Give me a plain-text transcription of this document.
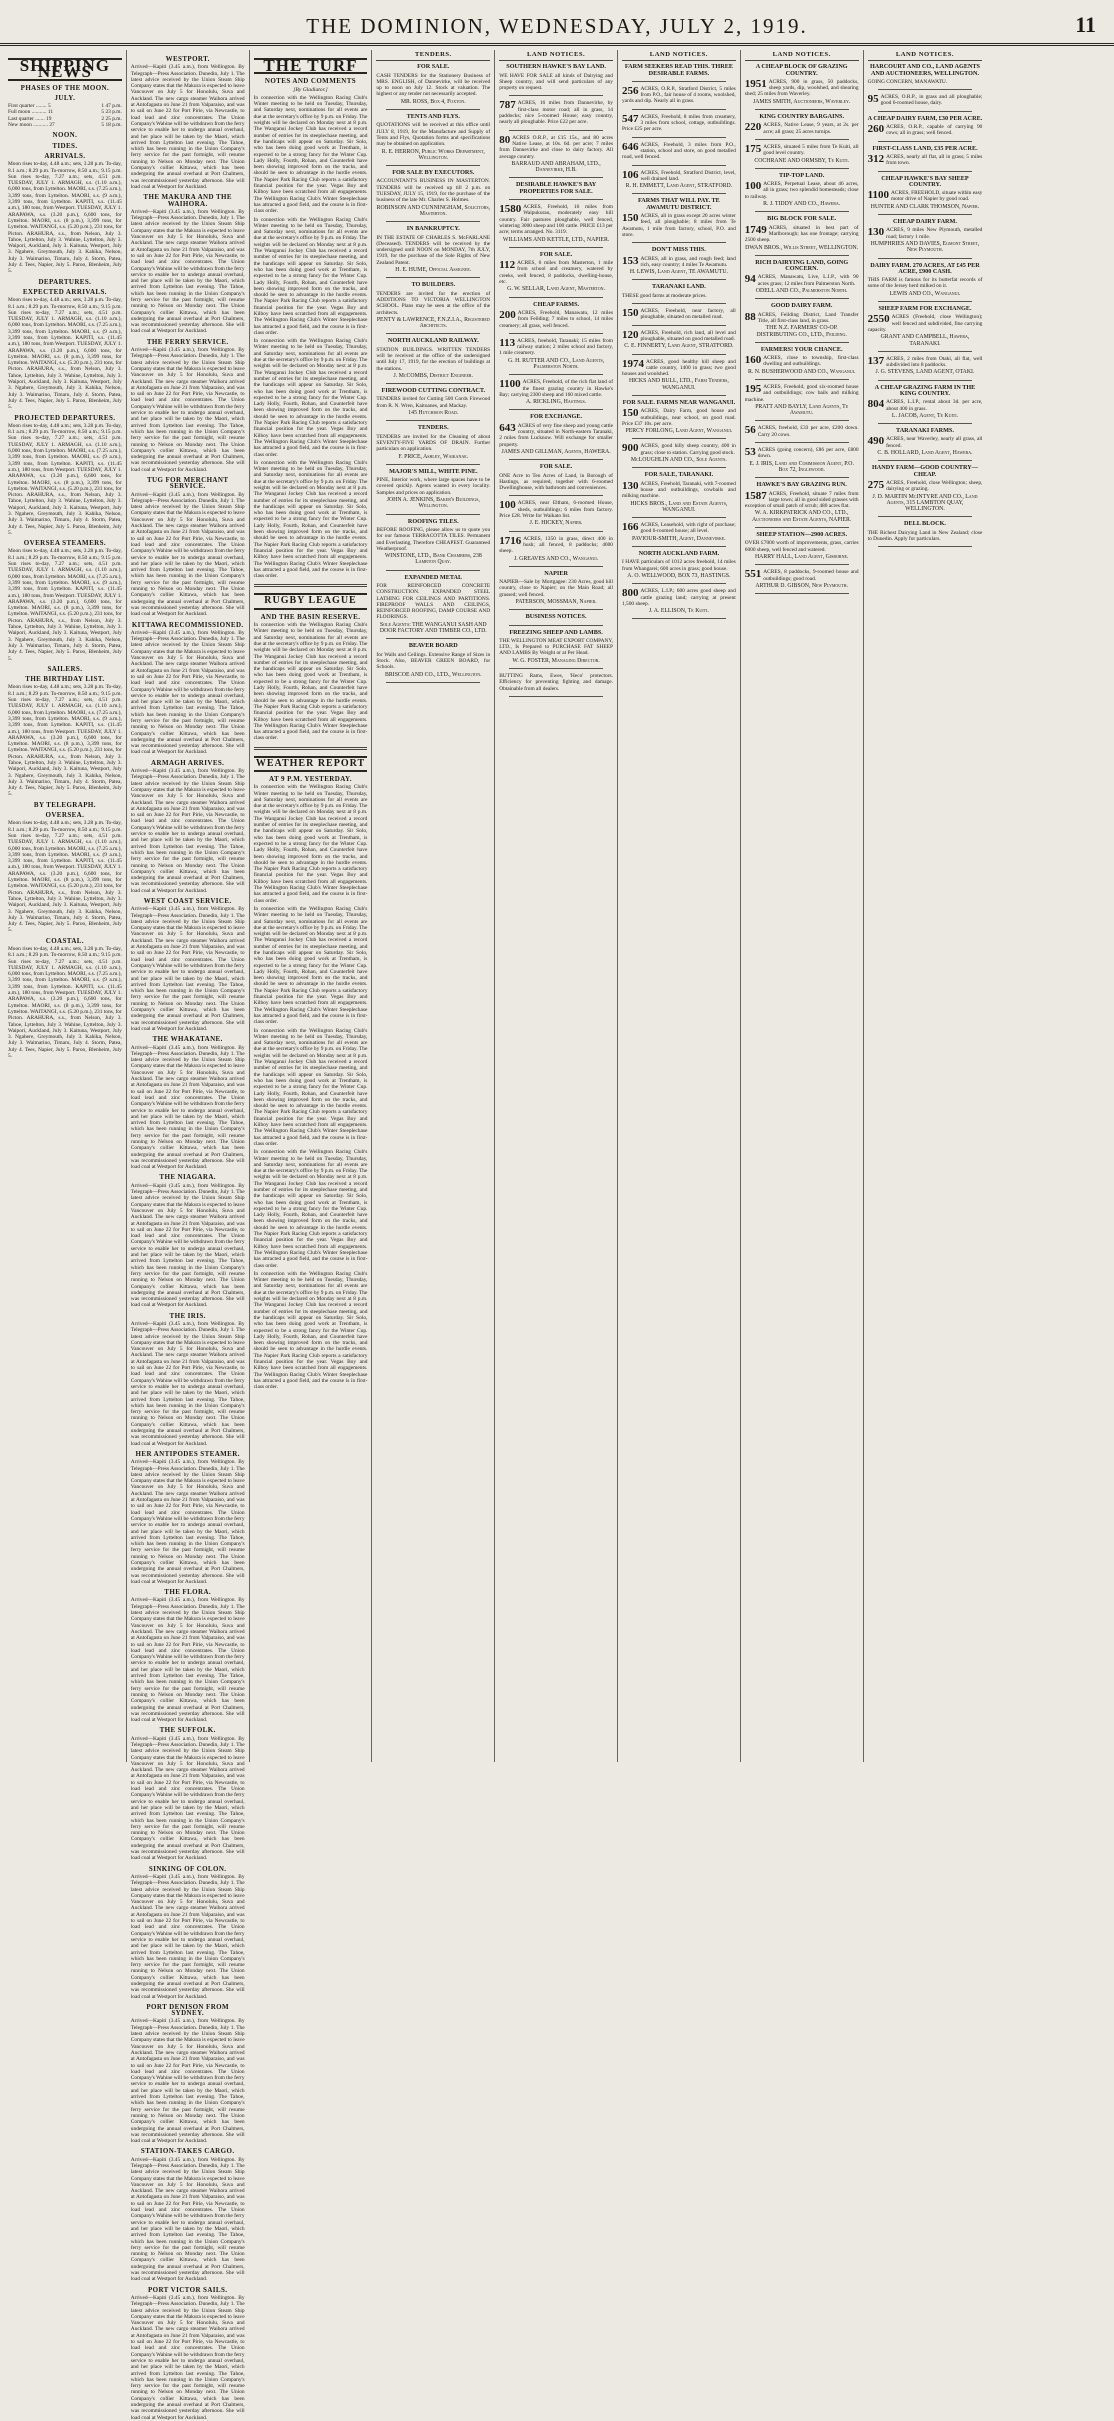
THE DOMINION, WEDNESDAY, JULY 2, 1919.	11
SHIPPING NEWS
PHASES OF THE MOON.
JULY.
First quarter ........ 5	1 47 p.m.
Full moon ........... 11	5 23 p.m.
Last quarter ....... 19	2 25 p.m.
New moon ........... 27	5 18 p.m.
NOON.
TIDES.
ARRIVALS.

Moon rises to-day, 4.48 a.m.; sets, 3.28 p.m. To-day, 8.1 a.m.; 8.29 p.m. To-morrow, 8.50 a.m.; 9.15 p.m. Sun rises to-day, 7.27 a.m.; sets, 4.51 p.m. TUESDAY, JULY 1. ARMAGH, s.s. (1.10 a.m.), 6,000 tons, from Lyttelton. MAORI, s.s. (7.25 a.m.), 3,399 tons, from Lyttelton. MAORI, s.s. (9 a.m.), 3,399 tons, from Lyttelton. KAPITI, s.s. (11.45 a.m.), 180 tons, from Westport. TUESDAY, JULY 1. ARAPAWA, s.s. (3.20 p.m.), 6,600 tons, for Lyttelton. MAORI, s.s. (8 p.m.), 3,399 tons, for Lyttelton. WAITANGI, s.s. (5.20 p.m.), 231 tons, for Picton. ARAHURA, s.s., from Nelson, July 3. Tahoe, Lyttelton, July 3. Wahine, Lyttelton, July 3. Waipori, Auckland, July 3. Kaituna, Westport, July 3. Ngahere, Greymouth, July 3. Kahika, Nelson, July 3. Waimarino, Timaru, July 4. Storm, Patea, July 4. Tees, Napier, July 5. Paroo, Blenheim, July 5.

DEPARTURES.
EXPECTED ARRIVALS.

Moon rises to-day, 4.48 a.m.; sets, 3.28 p.m. To-day, 8.1 a.m.; 8.29 p.m. To-morrow, 8.50 a.m.; 9.15 p.m. Sun rises to-day, 7.27 a.m.; sets, 4.51 p.m. TUESDAY, JULY 1. ARMAGH, s.s. (1.10 a.m.), 6,000 tons, from Lyttelton. MAORI, s.s. (7.25 a.m.), 3,399 tons, from Lyttelton. MAORI, s.s. (9 a.m.), 3,399 tons, from Lyttelton. KAPITI, s.s. (11.45 a.m.), 180 tons, from Westport. TUESDAY, JULY 1. ARAPAWA, s.s. (3.20 p.m.), 6,600 tons, for Lyttelton. MAORI, s.s. (8 p.m.), 3,399 tons, for Lyttelton. WAITANGI, s.s. (5.20 p.m.), 231 tons, for Picton. ARAHURA, s.s., from Nelson, July 3. Tahoe, Lyttelton, July 3. Wahine, Lyttelton, July 3. Waipori, Auckland, July 3. Kaituna, Westport, July 3. Ngahere, Greymouth, July 3. Kahika, Nelson, July 3. Waimarino, Timaru, July 4. Storm, Patea, July 4. Tees, Napier, July 5. Paroo, Blenheim, July 5.

PROJECTED DEPARTURES.

Moon rises to-day, 4.48 a.m.; sets, 3.28 p.m. To-day, 8.1 a.m.; 8.29 p.m. To-morrow, 8.50 a.m.; 9.15 p.m. Sun rises to-day, 7.27 a.m.; sets, 4.51 p.m. TUESDAY, JULY 1. ARMAGH, s.s. (1.10 a.m.), 6,000 tons, from Lyttelton. MAORI, s.s. (7.25 a.m.), 3,399 tons, from Lyttelton. MAORI, s.s. (9 a.m.), 3,399 tons, from Lyttelton. KAPITI, s.s. (11.45 a.m.), 180 tons, from Westport. TUESDAY, JULY 1. ARAPAWA, s.s. (3.20 p.m.), 6,600 tons, for Lyttelton. MAORI, s.s. (8 p.m.), 3,399 tons, for Lyttelton. WAITANGI, s.s. (5.20 p.m.), 231 tons, for Picton. ARAHURA, s.s., from Nelson, July 3. Tahoe, Lyttelton, July 3. Wahine, Lyttelton, July 3. Waipori, Auckland, July 3. Kaituna, Westport, July 3. Ngahere, Greymouth, July 3. Kahika, Nelson, July 3. Waimarino, Timaru, July 4. Storm, Patea, July 4. Tees, Napier, July 5. Paroo, Blenheim, July 5.

OVERSEA STEAMERS.

Moon rises to-day, 4.48 a.m.; sets, 3.28 p.m. To-day, 8.1 a.m.; 8.29 p.m. To-morrow, 8.50 a.m.; 9.15 p.m. Sun rises to-day, 7.27 a.m.; sets, 4.51 p.m. TUESDAY, JULY 1. ARMAGH, s.s. (1.10 a.m.), 6,000 tons, from Lyttelton. MAORI, s.s. (7.25 a.m.), 3,399 tons, from Lyttelton. MAORI, s.s. (9 a.m.), 3,399 tons, from Lyttelton. KAPITI, s.s. (11.45 a.m.), 180 tons, from Westport. TUESDAY, JULY 1. ARAPAWA, s.s. (3.20 p.m.), 6,600 tons, for Lyttelton. MAORI, s.s. (8 p.m.), 3,399 tons, for Lyttelton. WAITANGI, s.s. (5.20 p.m.), 231 tons, for Picton. ARAHURA, s.s., from Nelson, July 3. Tahoe, Lyttelton, July 3. Wahine, Lyttelton, July 3. Waipori, Auckland, July 3. Kaituna, Westport, July 3. Ngahere, Greymouth, July 3. Kahika, Nelson, July 3. Waimarino, Timaru, July 4. Storm, Patea, July 4. Tees, Napier, July 5. Paroo, Blenheim, July 5.

SAILERS.
THE BIRTHDAY LIST.

Moon rises to-day, 4.48 a.m.; sets, 3.28 p.m. To-day, 8.1 a.m.; 8.29 p.m. To-morrow, 8.50 a.m.; 9.15 p.m. Sun rises to-day, 7.27 a.m.; sets, 4.51 p.m. TUESDAY, JULY 1. ARMAGH, s.s. (1.10 a.m.), 6,000 tons, from Lyttelton. MAORI, s.s. (7.25 a.m.), 3,399 tons, from Lyttelton. MAORI, s.s. (9 a.m.), 3,399 tons, from Lyttelton. KAPITI, s.s. (11.45 a.m.), 180 tons, from Westport. TUESDAY, JULY 1. ARAPAWA, s.s. (3.20 p.m.), 6,600 tons, for Lyttelton. MAORI, s.s. (8 p.m.), 3,399 tons, for Lyttelton. WAITANGI, s.s. (5.20 p.m.), 231 tons, for Picton. ARAHURA, s.s., from Nelson, July 3. Tahoe, Lyttelton, July 3. Wahine, Lyttelton, July 3. Waipori, Auckland, July 3. Kaituna, Westport, July 3. Ngahere, Greymouth, July 3. Kahika, Nelson, July 3. Waimarino, Timaru, July 4. Storm, Patea, July 4. Tees, Napier, July 5. Paroo, Blenheim, July 5.

BY TELEGRAPH.
OVERSEA.

Moon rises to-day, 4.48 a.m.; sets, 3.28 p.m. To-day, 8.1 a.m.; 8.29 p.m. To-morrow, 8.50 a.m.; 9.15 p.m. Sun rises to-day, 7.27 a.m.; sets, 4.51 p.m. TUESDAY, JULY 1. ARMAGH, s.s. (1.10 a.m.), 6,000 tons, from Lyttelton. MAORI, s.s. (7.25 a.m.), 3,399 tons, from Lyttelton. MAORI, s.s. (9 a.m.), 3,399 tons, from Lyttelton. KAPITI, s.s. (11.45 a.m.), 180 tons, from Westport. TUESDAY, JULY 1. ARAPAWA, s.s. (3.20 p.m.), 6,600 tons, for Lyttelton. MAORI, s.s. (8 p.m.), 3,399 tons, for Lyttelton. WAITANGI, s.s. (5.20 p.m.), 231 tons, for Picton. ARAHURA, s.s., from Nelson, July 3. Tahoe, Lyttelton, July 3. Wahine, Lyttelton, July 3. Waipori, Auckland, July 3. Kaituna, Westport, July 3. Ngahere, Greymouth, July 3. Kahika, Nelson, July 3. Waimarino, Timaru, July 4. Storm, Patea, July 4. Tees, Napier, July 5. Paroo, Blenheim, July 5.

COASTAL.

Moon rises to-day, 4.48 a.m.; sets, 3.28 p.m. To-day, 8.1 a.m.; 8.29 p.m. To-morrow, 8.50 a.m.; 9.15 p.m. Sun rises to-day, 7.27 a.m.; sets, 4.51 p.m. TUESDAY, JULY 1. ARMAGH, s.s. (1.10 a.m.), 6,000 tons, from Lyttelton. MAORI, s.s. (7.25 a.m.), 3,399 tons, from Lyttelton. MAORI, s.s. (9 a.m.), 3,399 tons, from Lyttelton. KAPITI, s.s. (11.45 a.m.), 180 tons, from Westport. TUESDAY, JULY 1. ARAPAWA, s.s. (3.20 p.m.), 6,600 tons, for Lyttelton. MAORI, s.s. (8 p.m.), 3,399 tons, for Lyttelton. WAITANGI, s.s. (5.20 p.m.), 231 tons, for Picton. ARAHURA, s.s., from Nelson, July 3. Tahoe, Lyttelton, July 3. Wahine, Lyttelton, July 3. Waipori, Auckland, July 3. Kaituna, Westport, July 3. Ngahere, Greymouth, July 3. Kahika, Nelson, July 3. Waimarino, Timaru, July 4. Storm, Patea, July 4. Tees, Napier, July 5. Paroo, Blenheim, July 5.

WESTPORT.

Arrived—Kapiti (3.45 a.m.), from Wellington. By Telegraph—Press Association. Dunedin, July 1. The latest advice received by the Union Steam Ship Company states that the Makura is expected to leave Vancouver on July 5 for Honolulu, Suva and Auckland. The new cargo steamer Waihora arrived at Antofagasta on June 21 from Valparaiso, and was to sail on June 22 for Port Pirie, via Newcastle, to load lead and zinc concentrates. The Union Company's Wahine will be withdrawn from the ferry service to enable her to undergo annual overhaul, and her place will be taken by the Maori, which arrived from Lyttelton last evening. The Tahoe, which has been running in the Union Company's ferry service for the past fortnight, will resume running to Nelson on Monday next. The Union Company's collier Kittawa, which has been undergoing the annual overhaul at Port Chalmers, was recommissioned yesterday afternoon. She will load coal at Westport for Auckland.

THE MAKURA AND THE WAIHORA.

Arrived—Kapiti (3.45 a.m.), from Wellington. By Telegraph—Press Association. Dunedin, July 1. The latest advice received by the Union Steam Ship Company states that the Makura is expected to leave Vancouver on July 5 for Honolulu, Suva and Auckland. The new cargo steamer Waihora arrived at Antofagasta on June 21 from Valparaiso, and was to sail on June 22 for Port Pirie, via Newcastle, to load lead and zinc concentrates. The Union Company's Wahine will be withdrawn from the ferry service to enable her to undergo annual overhaul, and her place will be taken by the Maori, which arrived from Lyttelton last evening. The Tahoe, which has been running in the Union Company's ferry service for the past fortnight, will resume running to Nelson on Monday next. The Union Company's collier Kittawa, which has been undergoing the annual overhaul at Port Chalmers, was recommissioned yesterday afternoon. She will load coal at Westport for Auckland.

THE FERRY SERVICE.

Arrived—Kapiti (3.45 a.m.), from Wellington. By Telegraph—Press Association. Dunedin, July 1. The latest advice received by the Union Steam Ship Company states that the Makura is expected to leave Vancouver on July 5 for Honolulu, Suva and Auckland. The new cargo steamer Waihora arrived at Antofagasta on June 21 from Valparaiso, and was to sail on June 22 for Port Pirie, via Newcastle, to load lead and zinc concentrates. The Union Company's Wahine will be withdrawn from the ferry service to enable her to undergo annual overhaul, and her place will be taken by the Maori, which arrived from Lyttelton last evening. The Tahoe, which has been running in the Union Company's ferry service for the past fortnight, will resume running to Nelson on Monday next. The Union Company's collier Kittawa, which has been undergoing the annual overhaul at Port Chalmers, was recommissioned yesterday afternoon. She will load coal at Westport for Auckland.

TUG FOR MERCHANT SERVICE.

Arrived—Kapiti (3.45 a.m.), from Wellington. By Telegraph—Press Association. Dunedin, July 1. The latest advice received by the Union Steam Ship Company states that the Makura is expected to leave Vancouver on July 5 for Honolulu, Suva and Auckland. The new cargo steamer Waihora arrived at Antofagasta on June 21 from Valparaiso, and was to sail on June 22 for Port Pirie, via Newcastle, to load lead and zinc concentrates. The Union Company's Wahine will be withdrawn from the ferry service to enable her to undergo annual overhaul, and her place will be taken by the Maori, which arrived from Lyttelton last evening. The Tahoe, which has been running in the Union Company's ferry service for the past fortnight, will resume running to Nelson on Monday next. The Union Company's collier Kittawa, which has been undergoing the annual overhaul at Port Chalmers, was recommissioned yesterday afternoon. She will load coal at Westport for Auckland.

KITTAWA RECOMMISSIONED.

Arrived—Kapiti (3.45 a.m.), from Wellington. By Telegraph—Press Association. Dunedin, July 1. The latest advice received by the Union Steam Ship Company states that the Makura is expected to leave Vancouver on July 5 for Honolulu, Suva and Auckland. The new cargo steamer Waihora arrived at Antofagasta on June 21 from Valparaiso, and was to sail on June 22 for Port Pirie, via Newcastle, to load lead and zinc concentrates. The Union Company's Wahine will be withdrawn from the ferry service to enable her to undergo annual overhaul, and her place will be taken by the Maori, which arrived from Lyttelton last evening. The Tahoe, which has been running in the Union Company's ferry service for the past fortnight, will resume running to Nelson on Monday next. The Union Company's collier Kittawa, which has been undergoing the annual overhaul at Port Chalmers, was recommissioned yesterday afternoon. She will load coal at Westport for Auckland.

ARMAGH ARRIVES.

Arrived—Kapiti (3.45 a.m.), from Wellington. By Telegraph—Press Association. Dunedin, July 1. The latest advice received by the Union Steam Ship Company states that the Makura is expected to leave Vancouver on July 5 for Honolulu, Suva and Auckland. The new cargo steamer Waihora arrived at Antofagasta on June 21 from Valparaiso, and was to sail on June 22 for Port Pirie, via Newcastle, to load lead and zinc concentrates. The Union Company's Wahine will be withdrawn from the ferry service to enable her to undergo annual overhaul, and her place will be taken by the Maori, which arrived from Lyttelton last evening. The Tahoe, which has been running in the Union Company's ferry service for the past fortnight, will resume running to Nelson on Monday next. The Union Company's collier Kittawa, which has been undergoing the annual overhaul at Port Chalmers, was recommissioned yesterday afternoon. She will load coal at Westport for Auckland.

WEST COAST SERVICE.

Arrived—Kapiti (3.45 a.m.), from Wellington. By Telegraph—Press Association. Dunedin, July 1. The latest advice received by the Union Steam Ship Company states that the Makura is expected to leave Vancouver on July 5 for Honolulu, Suva and Auckland. The new cargo steamer Waihora arrived at Antofagasta on June 21 from Valparaiso, and was to sail on June 22 for Port Pirie, via Newcastle, to load lead and zinc concentrates. The Union Company's Wahine will be withdrawn from the ferry service to enable her to undergo annual overhaul, and her place will be taken by the Maori, which arrived from Lyttelton last evening. The Tahoe, which has been running in the Union Company's ferry service for the past fortnight, will resume running to Nelson on Monday next. The Union Company's collier Kittawa, which has been undergoing the annual overhaul at Port Chalmers, was recommissioned yesterday afternoon. She will load coal at Westport for Auckland.

THE WHAKATANE.

Arrived—Kapiti (3.45 a.m.), from Wellington. By Telegraph—Press Association. Dunedin, July 1. The latest advice received by the Union Steam Ship Company states that the Makura is expected to leave Vancouver on July 5 for Honolulu, Suva and Auckland. The new cargo steamer Waihora arrived at Antofagasta on June 21 from Valparaiso, and was to sail on June 22 for Port Pirie, via Newcastle, to load lead and zinc concentrates. The Union Company's Wahine will be withdrawn from the ferry service to enable her to undergo annual overhaul, and her place will be taken by the Maori, which arrived from Lyttelton last evening. The Tahoe, which has been running in the Union Company's ferry service for the past fortnight, will resume running to Nelson on Monday next. The Union Company's collier Kittawa, which has been undergoing the annual overhaul at Port Chalmers, was recommissioned yesterday afternoon. She will load coal at Westport for Auckland.

THE NIAGARA.

Arrived—Kapiti (3.45 a.m.), from Wellington. By Telegraph—Press Association. Dunedin, July 1. The latest advice received by the Union Steam Ship Company states that the Makura is expected to leave Vancouver on July 5 for Honolulu, Suva and Auckland. The new cargo steamer Waihora arrived at Antofagasta on June 21 from Valparaiso, and was to sail on June 22 for Port Pirie, via Newcastle, to load lead and zinc concentrates. The Union Company's Wahine will be withdrawn from the ferry service to enable her to undergo annual overhaul, and her place will be taken by the Maori, which arrived from Lyttelton last evening. The Tahoe, which has been running in the Union Company's ferry service for the past fortnight, will resume running to Nelson on Monday next. The Union Company's collier Kittawa, which has been undergoing the annual overhaul at Port Chalmers, was recommissioned yesterday afternoon. She will load coal at Westport for Auckland.

THE IRIS.

Arrived—Kapiti (3.45 a.m.), from Wellington. By Telegraph—Press Association. Dunedin, July 1. The latest advice received by the Union Steam Ship Company states that the Makura is expected to leave Vancouver on July 5 for Honolulu, Suva and Auckland. The new cargo steamer Waihora arrived at Antofagasta on June 21 from Valparaiso, and was to sail on June 22 for Port Pirie, via Newcastle, to load lead and zinc concentrates. The Union Company's Wahine will be withdrawn from the ferry service to enable her to undergo annual overhaul, and her place will be taken by the Maori, which arrived from Lyttelton last evening. The Tahoe, which has been running in the Union Company's ferry service for the past fortnight, will resume running to Nelson on Monday next. The Union Company's collier Kittawa, which has been undergoing the annual overhaul at Port Chalmers, was recommissioned yesterday afternoon. She will load coal at Westport for Auckland.

HER ANTIPODES STEAMER.

Arrived—Kapiti (3.45 a.m.), from Wellington. By Telegraph—Press Association. Dunedin, July 1. The latest advice received by the Union Steam Ship Company states that the Makura is expected to leave Vancouver on July 5 for Honolulu, Suva and Auckland. The new cargo steamer Waihora arrived at Antofagasta on June 21 from Valparaiso, and was to sail on June 22 for Port Pirie, via Newcastle, to load lead and zinc concentrates. The Union Company's Wahine will be withdrawn from the ferry service to enable her to undergo annual overhaul, and her place will be taken by the Maori, which arrived from Lyttelton last evening. The Tahoe, which has been running in the Union Company's ferry service for the past fortnight, will resume running to Nelson on Monday next. The Union Company's collier Kittawa, which has been undergoing the annual overhaul at Port Chalmers, was recommissioned yesterday afternoon. She will load coal at Westport for Auckland.

THE FLORA.

Arrived—Kapiti (3.45 a.m.), from Wellington. By Telegraph—Press Association. Dunedin, July 1. The latest advice received by the Union Steam Ship Company states that the Makura is expected to leave Vancouver on July 5 for Honolulu, Suva and Auckland. The new cargo steamer Waihora arrived at Antofagasta on June 21 from Valparaiso, and was to sail on June 22 for Port Pirie, via Newcastle, to load lead and zinc concentrates. The Union Company's Wahine will be withdrawn from the ferry service to enable her to undergo annual overhaul, and her place will be taken by the Maori, which arrived from Lyttelton last evening. The Tahoe, which has been running in the Union Company's ferry service for the past fortnight, will resume running to Nelson on Monday next. The Union Company's collier Kittawa, which has been undergoing the annual overhaul at Port Chalmers, was recommissioned yesterday afternoon. She will load coal at Westport for Auckland.

THE SUFFOLK.

Arrived—Kapiti (3.45 a.m.), from Wellington. By Telegraph—Press Association. Dunedin, July 1. The latest advice received by the Union Steam Ship Company states that the Makura is expected to leave Vancouver on July 5 for Honolulu, Suva and Auckland. The new cargo steamer Waihora arrived at Antofagasta on June 21 from Valparaiso, and was to sail on June 22 for Port Pirie, via Newcastle, to load lead and zinc concentrates. The Union Company's Wahine will be withdrawn from the ferry service to enable her to undergo annual overhaul, and her place will be taken by the Maori, which arrived from Lyttelton last evening. The Tahoe, which has been running in the Union Company's ferry service for the past fortnight, will resume running to Nelson on Monday next. The Union Company's collier Kittawa, which has been undergoing the annual overhaul at Port Chalmers, was recommissioned yesterday afternoon. She will load coal at Westport for Auckland.

SINKING OF COLON.

Arrived—Kapiti (3.45 a.m.), from Wellington. By Telegraph—Press Association. Dunedin, July 1. The latest advice received by the Union Steam Ship Company states that the Makura is expected to leave Vancouver on July 5 for Honolulu, Suva and Auckland. The new cargo steamer Waihora arrived at Antofagasta on June 21 from Valparaiso, and was to sail on June 22 for Port Pirie, via Newcastle, to load lead and zinc concentrates. The Union Company's Wahine will be withdrawn from the ferry service to enable her to undergo annual overhaul, and her place will be taken by the Maori, which arrived from Lyttelton last evening. The Tahoe, which has been running in the Union Company's ferry service for the past fortnight, will resume running to Nelson on Monday next. The Union Company's collier Kittawa, which has been undergoing the annual overhaul at Port Chalmers, was recommissioned yesterday afternoon. She will load coal at Westport for Auckland.

PORT DENISON FROM SYDNEY.

Arrived—Kapiti (3.45 a.m.), from Wellington. By Telegraph—Press Association. Dunedin, July 1. The latest advice received by the Union Steam Ship Company states that the Makura is expected to leave Vancouver on July 5 for Honolulu, Suva and Auckland. The new cargo steamer Waihora arrived at Antofagasta on June 21 from Valparaiso, and was to sail on June 22 for Port Pirie, via Newcastle, to load lead and zinc concentrates. The Union Company's Wahine will be withdrawn from the ferry service to enable her to undergo annual overhaul, and her place will be taken by the Maori, which arrived from Lyttelton last evening. The Tahoe, which has been running in the Union Company's ferry service for the past fortnight, will resume running to Nelson on Monday next. The Union Company's collier Kittawa, which has been undergoing the annual overhaul at Port Chalmers, was recommissioned yesterday afternoon. She will load coal at Westport for Auckland.

STATION-TAKES CARGO.

Arrived—Kapiti (3.45 a.m.), from Wellington. By Telegraph—Press Association. Dunedin, July 1. The latest advice received by the Union Steam Ship Company states that the Makura is expected to leave Vancouver on July 5 for Honolulu, Suva and Auckland. The new cargo steamer Waihora arrived at Antofagasta on June 21 from Valparaiso, and was to sail on June 22 for Port Pirie, via Newcastle, to load lead and zinc concentrates. The Union Company's Wahine will be withdrawn from the ferry service to enable her to undergo annual overhaul, and her place will be taken by the Maori, which arrived from Lyttelton last evening. The Tahoe, which has been running in the Union Company's ferry service for the past fortnight, will resume running to Nelson on Monday next. The Union Company's collier Kittawa, which has been undergoing the annual overhaul at Port Chalmers, was recommissioned yesterday afternoon. She will load coal at Westport for Auckland.

PORT VICTOR SAILS.

Arrived—Kapiti (3.45 a.m.), from Wellington. By Telegraph—Press Association. Dunedin, July 1. The latest advice received by the Union Steam Ship Company states that the Makura is expected to leave Vancouver on July 5 for Honolulu, Suva and Auckland. The new cargo steamer Waihora arrived at Antofagasta on June 21 from Valparaiso, and was to sail on June 22 for Port Pirie, via Newcastle, to load lead and zinc concentrates. The Union Company's Wahine will be withdrawn from the ferry service to enable her to undergo annual overhaul, and her place will be taken by the Maori, which arrived from Lyttelton last evening. The Tahoe, which has been running in the Union Company's ferry service for the past fortnight, will resume running to Nelson on Monday next. The Union Company's collier Kittawa, which has been undergoing the annual overhaul at Port Chalmers, was recommissioned yesterday afternoon. She will load coal at Westport for Auckland.

THE TURF
NOTES AND COMMENTS
[By Gladiator.]

In connection with the Wellington Racing Club's Winter meeting to be held on Tuesday, Thursday, and Saturday next, nominations for all events are due at the secretary's office by 9 p.m. on Friday. The weights will be declared on Monday next at 8 p.m. The Wanganui Jockey Club has received a record number of entries for its steeplechase meeting, and the handicaps will appear on Saturday. Sir Solo, who has been doing good work at Trentham, is expected to be a strong fancy for the Winter Cup. Lady Holly, Fourth, Rohan, and Counterfeit have been showing improved form on the tracks, and should be seen to advantage in the hurdle events. The Napier Park Racing Club reports a satisfactory financial position for the year. Vegas Boy and Kilboy have been scratched from all engagements. The Wellington Racing Club's Winter Steeplechase has attracted a good field, and the course is in first-class order.

In connection with the Wellington Racing Club's Winter meeting to be held on Tuesday, Thursday, and Saturday next, nominations for all events are due at the secretary's office by 9 p.m. on Friday. The weights will be declared on Monday next at 8 p.m. The Wanganui Jockey Club has received a record number of entries for its steeplechase meeting, and the handicaps will appear on Saturday. Sir Solo, who has been doing good work at Trentham, is expected to be a strong fancy for the Winter Cup. Lady Holly, Fourth, Rohan, and Counterfeit have been showing improved form on the tracks, and should be seen to advantage in the hurdle events. The Napier Park Racing Club reports a satisfactory financial position for the year. Vegas Boy and Kilboy have been scratched from all engagements. The Wellington Racing Club's Winter Steeplechase has attracted a good field, and the course is in first-class order.

In connection with the Wellington Racing Club's Winter meeting to be held on Tuesday, Thursday, and Saturday next, nominations for all events are due at the secretary's office by 9 p.m. on Friday. The weights will be declared on Monday next at 8 p.m. The Wanganui Jockey Club has received a record number of entries for its steeplechase meeting, and the handicaps will appear on Saturday. Sir Solo, who has been doing good work at Trentham, is expected to be a strong fancy for the Winter Cup. Lady Holly, Fourth, Rohan, and Counterfeit have been showing improved form on the tracks, and should be seen to advantage in the hurdle events. The Napier Park Racing Club reports a satisfactory financial position for the year. Vegas Boy and Kilboy have been scratched from all engagements. The Wellington Racing Club's Winter Steeplechase has attracted a good field, and the course is in first-class order.

In connection with the Wellington Racing Club's Winter meeting to be held on Tuesday, Thursday, and Saturday next, nominations for all events are due at the secretary's office by 9 p.m. on Friday. The weights will be declared on Monday next at 8 p.m. The Wanganui Jockey Club has received a record number of entries for its steeplechase meeting, and the handicaps will appear on Saturday. Sir Solo, who has been doing good work at Trentham, is expected to be a strong fancy for the Winter Cup. Lady Holly, Fourth, Rohan, and Counterfeit have been showing improved form on the tracks, and should be seen to advantage in the hurdle events. The Napier Park Racing Club reports a satisfactory financial position for the year. Vegas Boy and Kilboy have been scratched from all engagements. The Wellington Racing Club's Winter Steeplechase has attracted a good field, and the course is in first-class order.

RUGBY LEAGUE
AND THE BASIN RESERVE.

In connection with the Wellington Racing Club's Winter meeting to be held on Tuesday, Thursday, and Saturday next, nominations for all events are due at the secretary's office by 9 p.m. on Friday. The weights will be declared on Monday next at 8 p.m. The Wanganui Jockey Club has received a record number of entries for its steeplechase meeting, and the handicaps will appear on Saturday. Sir Solo, who has been doing good work at Trentham, is expected to be a strong fancy for the Winter Cup. Lady Holly, Fourth, Rohan, and Counterfeit have been showing improved form on the tracks, and should be seen to advantage in the hurdle events. The Napier Park Racing Club reports a satisfactory financial position for the year. Vegas Boy and Kilboy have been scratched from all engagements. The Wellington Racing Club's Winter Steeplechase has attracted a good field, and the course is in first-class order.

WEATHER REPORT
AT 9 P.M. YESTERDAY.

In connection with the Wellington Racing Club's Winter meeting to be held on Tuesday, Thursday, and Saturday next, nominations for all events are due at the secretary's office by 9 p.m. on Friday. The weights will be declared on Monday next at 8 p.m. The Wanganui Jockey Club has received a record number of entries for its steeplechase meeting, and the handicaps will appear on Saturday. Sir Solo, who has been doing good work at Trentham, is expected to be a strong fancy for the Winter Cup. Lady Holly, Fourth, Rohan, and Counterfeit have been showing improved form on the tracks, and should be seen to advantage in the hurdle events. The Napier Park Racing Club reports a satisfactory financial position for the year. Vegas Boy and Kilboy have been scratched from all engagements. The Wellington Racing Club's Winter Steeplechase has attracted a good field, and the course is in first-class order.

In connection with the Wellington Racing Club's Winter meeting to be held on Tuesday, Thursday, and Saturday next, nominations for all events are due at the secretary's office by 9 p.m. on Friday. The weights will be declared on Monday next at 8 p.m. The Wanganui Jockey Club has received a record number of entries for its steeplechase meeting, and the handicaps will appear on Saturday. Sir Solo, who has been doing good work at Trentham, is expected to be a strong fancy for the Winter Cup. Lady Holly, Fourth, Rohan, and Counterfeit have been showing improved form on the tracks, and should be seen to advantage in the hurdle events. The Napier Park Racing Club reports a satisfactory financial position for the year. Vegas Boy and Kilboy have been scratched from all engagements. The Wellington Racing Club's Winter Steeplechase has attracted a good field, and the course is in first-class order.

In connection with the Wellington Racing Club's Winter meeting to be held on Tuesday, Thursday, and Saturday next, nominations for all events are due at the secretary's office by 9 p.m. on Friday. The weights will be declared on Monday next at 8 p.m. The Wanganui Jockey Club has received a record number of entries for its steeplechase meeting, and the handicaps will appear on Saturday. Sir Solo, who has been doing good work at Trentham, is expected to be a strong fancy for the Winter Cup. Lady Holly, Fourth, Rohan, and Counterfeit have been showing improved form on the tracks, and should be seen to advantage in the hurdle events. The Napier Park Racing Club reports a satisfactory financial position for the year. Vegas Boy and Kilboy have been scratched from all engagements. The Wellington Racing Club's Winter Steeplechase has attracted a good field, and the course is in first-class order.

In connection with the Wellington Racing Club's Winter meeting to be held on Tuesday, Thursday, and Saturday next, nominations for all events are due at the secretary's office by 9 p.m. on Friday. The weights will be declared on Monday next at 8 p.m. The Wanganui Jockey Club has received a record number of entries for its steeplechase meeting, and the handicaps will appear on Saturday. Sir Solo, who has been doing good work at Trentham, is expected to be a strong fancy for the Winter Cup. Lady Holly, Fourth, Rohan, and Counterfeit have been showing improved form on the tracks, and should be seen to advantage in the hurdle events. The Napier Park Racing Club reports a satisfactory financial position for the year. Vegas Boy and Kilboy have been scratched from all engagements. The Wellington Racing Club's Winter Steeplechase has attracted a good field, and the course is in first-class order.

In connection with the Wellington Racing Club's Winter meeting to be held on Tuesday, Thursday, and Saturday next, nominations for all events are due at the secretary's office by 9 p.m. on Friday. The weights will be declared on Monday next at 8 p.m. The Wanganui Jockey Club has received a record number of entries for its steeplechase meeting, and the handicaps will appear on Saturday. Sir Solo, who has been doing good work at Trentham, is expected to be a strong fancy for the Winter Cup. Lady Holly, Fourth, Rohan, and Counterfeit have been showing improved form on the tracks, and should be seen to advantage in the hurdle events. The Napier Park Racing Club reports a satisfactory financial position for the year. Vegas Boy and Kilboy have been scratched from all engagements. The Wellington Racing Club's Winter Steeplechase has attracted a good field, and the course is in first-class order.

TENDERS.
FOR SALE.

CASH TENDERS for the Stationery Business of MRS. ENGLISH, of Dannevirke, will be received up to noon on July 12. Stock at valuation. The highest or any tender not necessarily accepted.

MR. ROSS, Box 4, Foxton.
TENTS AND FLYS.

QUOTATIONS will be received at this office until JULY 8, 1919, for the Manufacture and Supply of Tents and Flys, Quotation forms and specifications may be obtained on application.

R. E. HERRON, Public Works Department, Wellington.
FOR SALE BY EXECUTORS.

ACCOUNTANT'S BUSINESS IN MASTERTON. TENDERS will be received up till 2 p.m. on TUESDAY, JULY 15, 1919, for the purchase of the business of the late Mr. Charles S. Holmes.

ROBINSON AND CUNNINGHAM, Solicitors, Masterton.
IN BANKRUPTCY.

IN THE ESTATE OF CHARLES S. McFARLANE (Deceased). TENDERS will be received by the undersigned until NOON on MONDAY, 7th JULY, 1919, for the purchase of the Sole Rights of New Zealand Patent.

H. E. HUME, Official Assignee.
TO BUILDERS.

TENDERS are invited for the erection of ADDITIONS TO VICTORIA WELLINGTON SCHOOL. Plans may be seen at the office of the architects.

PENTY & LAWRENCE, F.N.Z.I.A., Registered Architects.
NORTH AUCKLAND RAILWAY.

STATION BUILDINGS. WRITTEN TENDERS will be received at the office of the undersigned until July 17, 1919, for the erection of buildings at the stations.

J. McCOMBS, District Engineer.
FIREWOOD CUTTING CONTRACT.

TENDERS invited for Cutting 500 Cords Firewood from R. N. Wren, Kaitoanes, and Mackay.

145 Hutchison Road.
TENDERS.

TENDERS are invited for the Cleaning of about SEVENTY-FIVE YARDS OF DRAIN. Further particulars on application.

F. PRICE, Ashley, Waikanae.
MAJOR'S MILL, WHITE PINE.

PINE, Interior work, where large spaces have to be covered quickly. Agents wanted in every locality. Samples and prices on application.

JOHN A. JENKINS, Baker's Buildings, Wellington.
ROOFING TILES.

BEFORE ROOFING, please allow us to quote you for our famous TERRACOTTA TILES. Permanent and Everlasting, Therefore CHEAPEST. Guaranteed Weatherproof.

WINSTONE, LTD., Bank Chambers, 238 Lambton Quay.
EXPANDED METAL

FOR REINFORCED CONCRETE CONSTRUCTION. EXPANDED STEEL LATHING FOR CEILINGS AND PARTITIONS. FIREPROOF WALLS AND CEILINGS, REINFORCED ROOFING, DAMP COURSE AND FLOORINGS.

Sole Agents: THE WANGANUI SASH AND DOOR FACTORY AND TIMBER CO., LTD.
BEAVER BOARD

for Walls and Ceilings. Extensive Range of Sizes in Stock. Also, BEAVER GREEN BOARD, for Schools.

BRISCOE AND CO., LTD., Wellington.
LAND NOTICES.
SOUTHERN HAWKE'S BAY LAND.

WE HAVE FOR SALE all kinds of Dairying and Sheep country, and will send particulars of any property on request.

787 ACRES, 16 miles from Dannevirke, by first-class motor road; all in grass, 14 paddocks; nice 5-roomed House; easy country, nearly all ploughable. Price £22 per acre.

80 ACRES O.R.P., at £15 15s., and 80 acres Native Lease, at 10s. 6d. per acre; 7 miles from Dannevirke and close to dairy factory. All average country.

BARRAUD AND ABRAHAM, LTD., Dannevirke, H.B.
DESIRABLE HAWKE'S BAY PROPERTIES FOR SALE.

1580 ACRES, Freehold, 16 miles from Waipukurau, moderately easy hill country. Fair pastures ploughable, well fenced, wintering 3000 sheep and 100 cattle. PRICE £13 per acre; terms arranged. No. 3119.

WILLIAMS AND KETTLE, LTD., NAPIER.
FOR SALE.

112 ACRES, 6 miles from Masterton, 1 mile from school and creamery, watered by creeks, well fenced, 8 paddocks, dwelling-house, etc.

G. W. SELLAR, Land Agent, Masterton.
CHEAP FARMS.

200 ACRES, Freehold, Manawatu, 12 miles from Feilding; 7 miles to school, 14 miles creamery; all grass, well fenced.

113 ACRES, freehold, Taranaki; 15 miles from railway station; 2 miles school and factory, 1 mile creamery.

G. H. RUTTER AND CO., Land Agents, Palmerston North.

1100 ACRES, Freehold, of the rich flat land of the finest grazing country in Hawke's Bay; carrying 2300 sheep and 160 mixed cattle.

A. RICKLING, Hastings.
FOR EXCHANGE.

643 ACRES of very fine sheep and young cattle country, situated in North-eastern Taranaki, 2 miles from Lucknow. Will exchange for smaller property.

JAMES AND GILLMAN, Agents, HAWERA.
FOR SALE.

ONE Acre to Ten Acres of Land, in Borough of Hastings, as required, together with 6-roomed Dwellinghouse, with bathroom and conveniences.

100 ACRES, near Eltham, 6-roomed House, sheds, outbuildings; 6 miles from factory. Price £28. Write for Waikato list.

J. E. HICKEY, Napier.

1716 ACRES, 1350 in grass, direct 400 in bush; all fenced, 8 paddocks; 4000 sheep.

J. GREAVES AND CO., Wanganui.
NAPIER

NAPIER—Sale by Mortgagee: 230 Acres, good hill country, close to Napier; on the Main Road; all grassed; well fenced.

PATERSON, MOSSMAN, Napier.
BUSINESS NOTICES.
FREEZING SHEEP AND LAMBS.

THE WELLINGTON MEAT EXPORT COMPANY, LTD., Is Prepared to PURCHASE FAT SHEEP AND LAMBS By Weight or at Per Head.

W. G. FOSTER, Managing Director.

BUTTING Rams, Ewes, 'Heco' protectors. Efficiency for preventing fighting and damage. Obtainable from all dealers.

LAND NOTICES.
FARM SEEKERS READ THIS. THREE DESIRABLE FARMS.

256 ACRES, O.R.P., Stratford District, 5 miles from P.O., fair house of 4 rooms, woolshed, yards and dip. Nearly all in grass.

547 ACRES, Freehold, 8 miles from creamery, 3 miles from school, cottage, outbuildings. Price £25 per acre.

646 ACRES, Freehold, 3 miles from P.O., station, school and store, on good metalled road, well fenced.

106 ACRES, Freehold, Stratford District, level, well drained land.

R. H. EMMETT, Land Agent, STRATFORD.
FARMS THAT WILL PAY. TE AWAMUTU DISTRICT.

150 ACRES, all in grass except 20 acres winter feed, all ploughable; 8 miles from Te Awamutu, 1 mile from factory, school, P.O. and store.

DON'T MISS THIS.

153 ACRES, all in grass, and rough feed; land rich, easy country; 4 miles Te Awamutu.

H. LEWIS, Land Agent, TE AWAMUTU.
TARANAKI LAND.

THESE good farms at moderate prices.

150 ACRES, Freehold, near factory, all ploughable, situated on metalled road.

120 ACRES, Freehold, rich land, all level and ploughable, situated on good metalled road.

C. E. FINNERTY, Land Agent, STRATFORD.

1974 ACRES, good healthy hill sheep and cattle country, 1400 in grass; two good houses and woolshed.

HICKS AND BULL, LTD., Farm Tenders, WANGANUI.
FOR SALE. FARMS NEAR WANGANUI.

150 ACRES, Dairy Farm, good house and outbuildings, near school, on good road. Price £37 10s. per acre.

PERCY FORLONG, Land Agent, Wanganui.

900 ACRES, good hilly sheep country, 400 in grass; close to station. Carrying good stock.

McLOUGHLIN AND CO., Sole Agents.
FOR SALE, TARANAKI.

130 ACRES, Freehold, Taranaki, with 7-roomed house and outbuildings, cowbails and milking machine.

HICKS BROS., Land and Estate Agents, WANGANUI.

166 ACRES, Leasehold, with right of purchase; good 6-roomed house; all level.

PAVIOUR-SMITH, Agent, Dannevirke.
NORTH AUCKLAND FARM.

I HAVE particulars of 1012 acres freehold, 14 miles from Whangarei; 600 acres in grass; good house.

A. O. WELLWOOD, BOX 73, HASTINGS.

800 ACRES, L.I.P.; 600 acres good sheep and cattle grazing land; carrying at present 1,500 sheep.

J. A. ELLISON, Te Kuiti.
LAND NOTICES.
A CHEAP BLOCK OF GRAZING COUNTRY.

1951 ACRES, 900 in grass, 50 paddocks, sheep yards, dip, woolshed, and shearing shed; 25 miles from Waverley.

JAMES SMITH, Auctioneers, Waverley.
KING COUNTRY BARGAINS.

220 ACRES, Native Lease, 9 years, at 2s. per acre; all grass; 25 acres turnips.

175 ACRES, situated 5 miles from Te Kuiti, all good level country.

COCHRANE AND ORMSBY, Te Kuiti.
TIP-TOP LAND.

100 ACRES, Perpetual Lease, about 46 acres, all in grass; two splendid homesteads; close to railway.

R. J. TIDDY AND CO., Hawera.
BIG BLOCK FOR SALE.

1749 ACRES, situated in best part of Marlborough; has one frontage; carrying 2500 sheep.

DWAN BROS., Willis Street, WELLINGTON.
RICH DAIRYING LAND, GOING CONCERN.

94 ACRES, Manawatu, Live, L.I.P., with 90 acres grass; 12 miles from Palmerston North.

ODELL AND CO., Palmerston North.
GOOD DAIRY FARM.

88 ACRES, Feilding District, Land Transfer Title, all first-class land, in grass.

THE N.Z. FARMERS' CO-OP. DISTRIBUTING CO., LTD., Feilding.
FARMERS! YOUR CHANCE.

160 ACRES, close to township, first-class dwelling and outbuildings.

R. N. BUSHERWOOD AND CO., Wanganui.

195 ACRES, Freehold, good six-roomed house and outbuildings; cow bails and milking machine.

PRATT AND BAYLY, Land Agents, Te Awamutu.

56 ACRES, freehold, £33 per acre, £200 down. Carry 20 cows.

53 ACRES (going concern), £86 per acre, £800 down.

E. J. IRIS, Land and Commission Agent, P.O. Box 72, Inglewood.
HAWKE'S BAY GRAZING RUN.

1587 ACRES, Freehold, situate 7 miles from large town; all in good sided grasses with exception of small patch of scrub; 480 acres flat.

W. A. KIRKPATRICK AND CO., LTD., Auctioneers and Estate Agents, NAPIER.
SHEEP STATION—2900 ACRES.

OVER £7000 worth of improvements, grass, carries 6000 sheep, well fenced and watered.

HARRY HALL, Land Agent, Gisborne.

551 ACRES, 8 paddocks, 9-roomed house and outbuildings; good road.

ARTHUR D. GIBSON, New Plymouth.
LAND NOTICES.
HARCOURT AND CO., LAND AGENTS AND AUCTIONEERS, WELLINGTON.

GOING CONCERN, MANAWATU.

95 ACRES, O.R.P., in grass and all ploughable; good 6-roomed house, dairy.

A CHEAP DAIRY FARM, £30 PER ACRE.

260 ACRES, O.R.P., capable of carrying 90 cows; all in grass; well fenced.

FIRST-CLASS LAND, £35 PER ACRE.

312 ACRES, nearly all flat, all in grass; 5 miles from town.

CHEAP HAWKE'S BAY SHEEP COUNTRY.

1100 ACRES, FREEHOLD, situate within easy motor drive of Napier by good road.

HUNTER AND CLARK THOMSON, Napier.
CHEAP DAIRY FARM.

130 ACRES, 9 miles New Plymouth, metalled road; factory 1 mile.

HUMPHRIES AND DAVIES, Egmont Street, New Plymouth.
DAIRY FARM. 270 ACRES, AT £45 PER ACRE, £900 CASH.

THIS FARM is famous for its butterfat records of some of the Jersey herd milked on it.

LEWIS AND CO., Wanganui.
SHEEP FARM FOR EXCHANGE.

2550 ACRES (Freehold, close Wellington); well fenced and subdivided, fine carrying capacity.

GRANT AND CAMPBELL, Hawera, TARANAKI.

137 ACRES, 2 miles from Otaki, all flat, well subdivided into 8 paddocks.

J. G. STEVENS, LAND AGENT, OTAKI.
A CHEAP GRAZING FARM IN THE KING COUNTRY.

804 ACRES, L.I.P., rental about 3d. per acre, about 400 in grass.

L. JACOB, Agent, Te Kuiti.
TARANAKI FARMS.

490 ACRES, near Waverley, nearly all grass, all fenced.

C. B. HOLLARD, Land Agent, Hawera.
HANDY FARM—GOOD COUNTRY—CHEAP.

275 ACRES, Freehold, close Wellington; sheep, dairying or grazing.

J. D. MARTIN McINTYRE AND CO., Land Agents, 315 LAMBTON QUAY, WELLINGTON.
DELL BLOCK.

THE Richest Dairying Land in New Zealand; close to Dunedin. Apply for particulars.
